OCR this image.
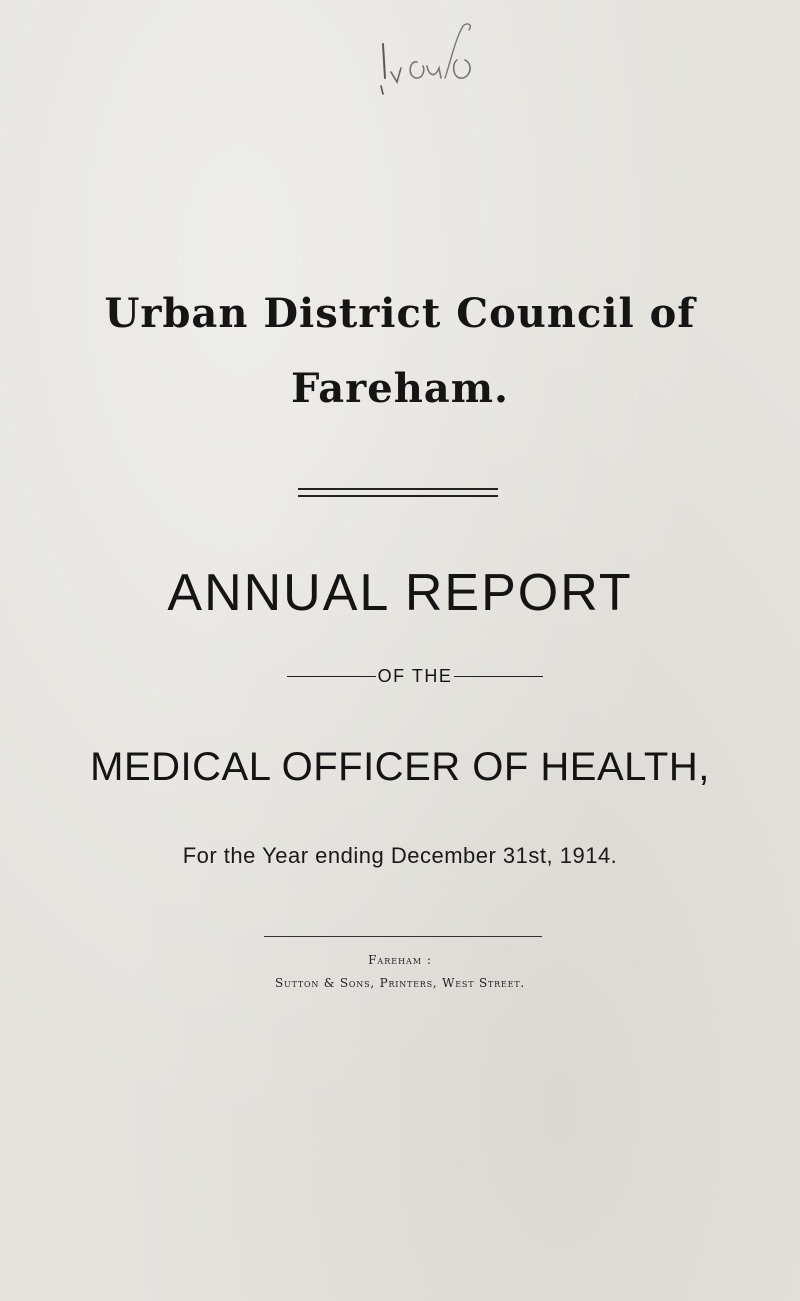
Urban District Council of
Fareham.
ANNUAL REPORT
OF THE
MEDICAL OFFICER OF HEALTH,
For the Year ending December 31st, 1914.
Fareham :
Sutton & Sons, Printers, West Street.
